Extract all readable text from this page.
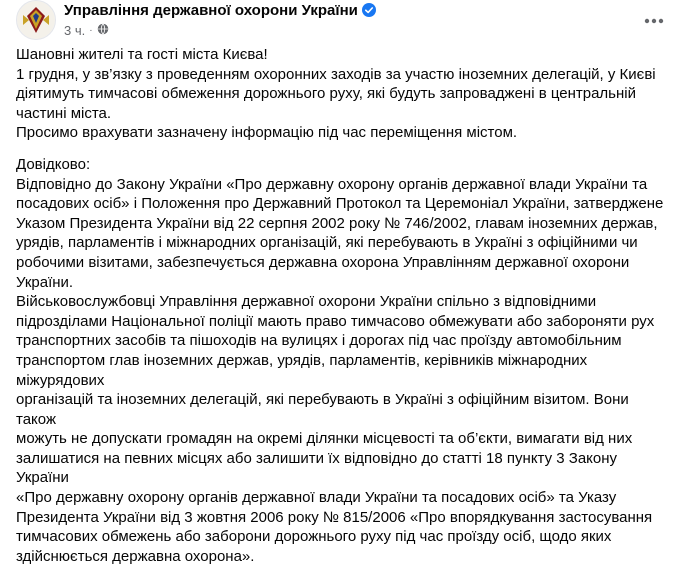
Управління державної охорони України
3 ч. ·

Шановні жителі та гості міста Києва!

1 грудня, у зв’язку з проведенням охоронних заходів за участю іноземних делегацій, у Києві

діятимуть тимчасові обмеження дорожнього руху, які будуть запроваджені в центральній

частині міста.

Просимо врахувати зазначену інформацію під час переміщення містом.

Довідково:

Відповідно до Закону України «Про державну охорону органів державної влади України та

посадових осіб» і Положення про Державний Протокол та Церемоніал України, затверджене

Указом Президента України від 22 серпня 2002 року № 746/2002, главам іноземних держав,

урядів, парламентів і міжнародних організацій, які перебувають в Україні з офіційними чи

робочими візитами, забезпечується державна охорона Управлінням державної охорони

України.

Військовослужбовці Управління державної охорони України спільно з відповідними

підрозділами Національної поліції мають право тимчасово обмежувати або забороняти рух

транспортних засобів та пішоходів на вулицях і дорогах під час проїзду автомобільним

транспортом глав іноземних держав, урядів, парламентів, керівників міжнародних міжурядових

організацій та іноземних делегацій, які перебувають в Україні з офіційним візитом. Вони також

можуть не допускати громадян на окремі ділянки місцевості та об’єкти, вимагати від них

залишатися на певних місцях або залишити їх відповідно до статті 18 пункту 3 Закону України

«Про державну охорону органів державної влади України та посадових осіб» та Указу

Президента України від 3 жовтня 2006 року № 815/2006 «Про впорядкування застосування

тимчасових обмежень або заборони дорожнього руху під час проїзду осіб, щодо яких

здійснюється державна охорона».
